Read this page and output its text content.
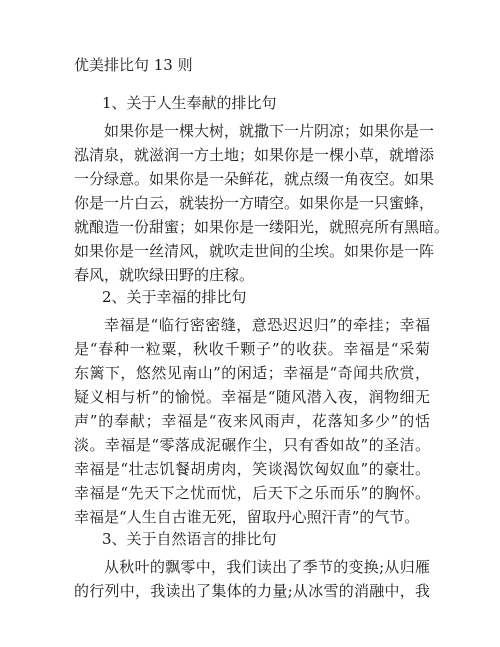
优美排比句 13 则
1、关于人生奉献的排比句
如果你是一棵大树，就撒下一片阴凉；如果你是一
泓清泉，就滋润一方土地；如果你是一棵小草，就增添
一分绿意。如果你是一朵鲜花，就点缀一角夜空。如果
你是一片白云，就装扮一方晴空。如果你是一只蜜蜂，
就酿造一份甜蜜；如果你是一缕阳光，就照亮所有黑暗。
如果你是一丝清风，就吹走世间的尘埃。如果你是一阵
春风，就吹绿田野的庄稼。
2、关于幸福的排比句
幸福是“临行密密缝，意恐迟迟归”的牵挂；幸福
是“春种一粒粟，秋收千颗子”的收获。幸福是“采菊
东篱下，悠然见南山”的闲适；幸福是“奇闻共欣赏，
疑义相与析”的愉悦。幸福是“随风潜入夜，润物细无
声”的奉献；幸福是“夜来风雨声，花落知多少”的恬
淡。幸福是“零落成泥碾作尘，只有香如故”的圣洁。
幸福是“壮志饥餐胡虏肉，笑谈渴饮匈奴血”的豪壮。
幸福是“先天下之忧而忧，后天下之乐而乐”的胸怀。
幸福是“人生自古谁无死，留取丹心照汗青”的气节。
3、关于自然语言的排比句
从秋叶的飘零中，我们读出了季节的变换;从归雁
的行列中，我读出了集体的力量;从冰雪的消融中，我
